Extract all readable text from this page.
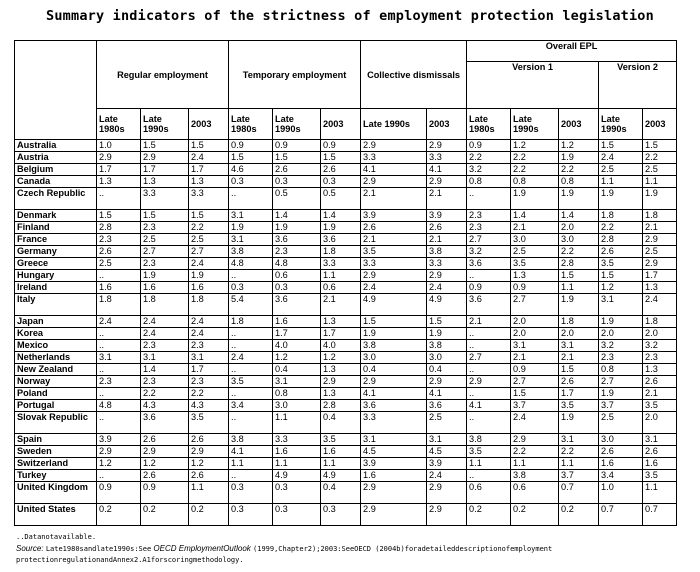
Summary indicators of the strictness of employment protection legislation
	Regular employment			Temporary employment			Collective dismissals		Overall EPL				
									Version 1			Version 2	
	Late 1980s	Late 1990s	2003	Late 1980s	Late 1990s	2003	Late 1990s	2003	Late 1980s	Late 1990s	2003	Late 1990s	2003
Australia	1.0	1.5	1.5	0.9	0.9	0.9	2.9	2.9	0.9	1.2	1.2	1.5	1.5
Austria	2.9	2.9	2.4	1.5	1.5	1.5	3.3	3.3	2.2	2.2	1.9	2.4	2.2
Belgium	1.7	1.7	1.7	4.6	2.6	2.6	4.1	4.1	3.2	2.2	2.2	2.5	2.5
Canada	1.3	1.3	1.3	0.3	0.3	0.3	2.9	2.9	0.8	0.8	0.8	1.1	1.1
Czech Republic	..	3.3	3.3	..	0.5	0.5	2.1	2.1	..	1.9	1.9	1.9	1.9
Denmark	1.5	1.5	1.5	3.1	1.4	1.4	3.9	3.9	2.3	1.4	1.4	1.8	1.8
Finland	2.8	2.3	2.2	1.9	1.9	1.9	2.6	2.6	2.3	2.1	2.0	2.2	2.1
France	2.3	2.5	2.5	3.1	3.6	3.6	2.1	2.1	2.7	3.0	3.0	2.8	2.9
Germany	2.6	2.7	2.7	3.8	2.3	1.8	3.5	3.8	3.2	2.5	2.2	2.6	2.5
Greece	2.5	2.3	2.4	4.8	4.8	3.3	3.3	3.3	3.6	3.5	2.8	3.5	2.9
Hungary	..	1.9	1.9	..	0.6	1.1	2.9	2.9	..	1.3	1.5	1.5	1.7
Ireland	1.6	1.6	1.6	0.3	0.3	0.6	2.4	2.4	0.9	0.9	1.1	1.2	1.3
Italy	1.8	1.8	1.8	5.4	3.6	2.1	4.9	4.9	3.6	2.7	1.9	3.1	2.4
Japan	2.4	2.4	2.4	1.8	1.6	1.3	1.5	1.5	2.1	2.0	1.8	1.9	1.8
Korea	..	2.4	2.4	..	1.7	1.7	1.9	1.9	..	2.0	2.0	2.0	2.0
Mexico	..	2.3	2.3	..	4.0	4.0	3.8	3.8	..	3.1	3.1	3.2	3.2
Netherlands	3.1	3.1	3.1	2.4	1.2	1.2	3.0	3.0	2.7	2.1	2.1	2.3	2.3
New Zealand	..	1.4	1.7	..	0.4	1.3	0.4	0.4	..	0.9	1.5	0.8	1.3
Norway	2.3	2.3	2.3	3.5	3.1	2.9	2.9	2.9	2.9	2.7	2.6	2.7	2.6
Poland	..	2.2	2.2	..	0.8	1.3	4.1	4.1	..	1.5	1.7	1.9	2.1
Portugal	4.8	4.3	4.3	3.4	3.0	2.8	3.6	3.6	4.1	3.7	3.5	3.7	3.5
Slovak Republic	..	3.6	3.5	..	1.1	0.4	3.3	2.5	..	2.4	1.9	2.5	2.0
Spain	3.9	2.6	2.6	3.8	3.3	3.5	3.1	3.1	3.8	2.9	3.1	3.0	3.1
Sweden	2.9	2.9	2.9	4.1	1.6	1.6	4.5	4.5	3.5	2.2	2.2	2.6	2.6
Switzerland	1.2	1.2	1.2	1.1	1.1	1.1	3.9	3.9	1.1	1.1	1.1	1.6	1.6
Turkey	..	2.6	2.6	..	4.9	4.9	1.6	2.4	..	3.8	3.7	3.4	3.5
United Kingdom	0.9	0.9	1.1	0.3	0.3	0.4	2.9	2.9	0.6	0.6	0.7	1.0	1.1
United States	0.2	0.2	0.2	0.3	0.3	0.3	2.9	2.9	0.2	0.2	0.2	0.7	0.7
..Datanotavailable.
Source: Late1980sandlate1990s:See OECD EmploymentOutlook (1999,Chapter2);2003:SeeOECD (2004b)foradetaileddescriptionofemployment
protectionregulationandAnnex2.A1forscoringmethodology.
